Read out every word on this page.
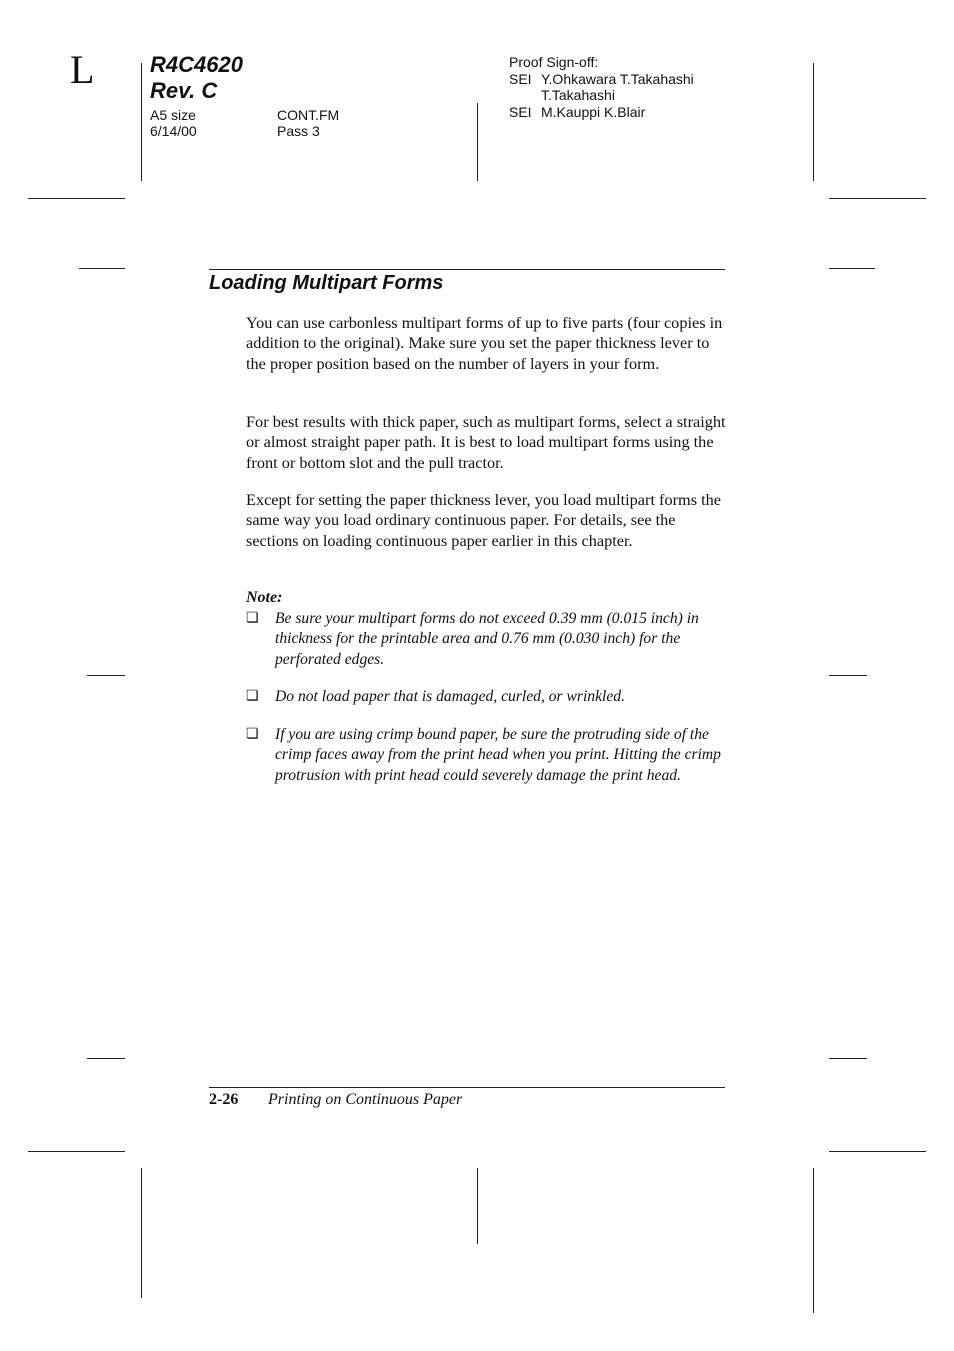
L	R4C4620
Rev. C
A5 size
6/14/00
CONT.FM
Pass 3
Proof Sign-off:
SEI Y.Ohkawara T.Takahashi
T.Takahashi
SEI M.Kauppi K.Blair
Loading Multipart Forms

You can use carbonless multipart forms of up to five parts (four copies in addition to the original). Make sure you set the paper thickness lever to the proper position based on the number of layers in your form.

For best results with thick paper, such as multipart forms, select a straight or almost straight paper path. It is best to load multipart forms using the front or bottom slot and the pull tractor.

Except for setting the paper thickness lever, you load multipart forms the same way you load ordinary continuous paper. For details, see the sections on loading continuous paper earlier in this chapter.

Note:
❏ Be sure your multipart forms do not exceed 0.39 mm (0.015 inch) in thickness for the printable area and 0.76 mm (0.030 inch) for the perforated edges.
❏ Do not load paper that is damaged, curled, or wrinkled.
❏ If you are using crimp bound paper, be sure the protruding side of the crimp faces away from the print head when you print. Hitting the crimp protrusion with print head could severely damage the print head.
2-26 Printing on Continuous Paper
